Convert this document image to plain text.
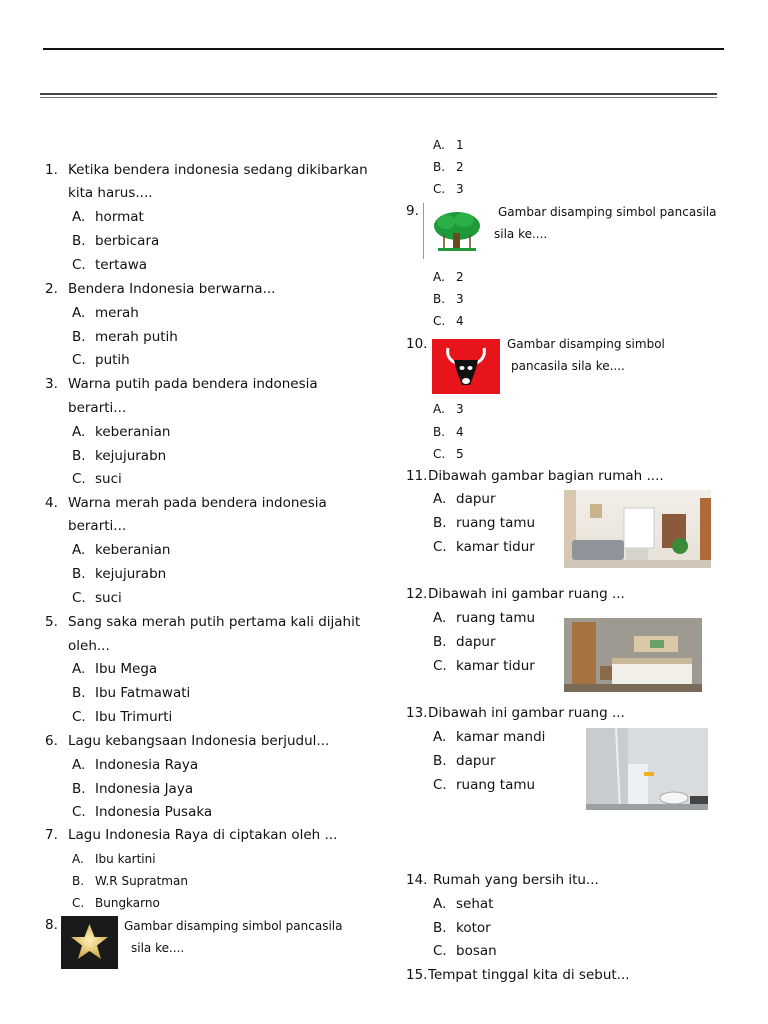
1. Ketika bendera indonesia sedang dikibarkan
kita harus....
A. hormat
B. berbicara
C. tertawa
2. Bendera Indonesia berwarna...
A. merah
B. merah putih
C. putih
3. Warna putih pada bendera indonesia
berarti...
A. keberanian
B. kejujurabn
C. suci
4. Warna merah pada bendera indonesia
berarti...
A. keberanian
B. kejujurabn
C. suci
5. Sang saka merah putih pertama kali dijahit
oleh...
A. Ibu Mega
B. Ibu Fatmawati
C. Ibu Trimurti
6. Lagu kebangsaan Indonesia berjudul...
A. Indonesia Raya
B. Indonesia Jaya
C. Indonesia Pusaka
7. Lagu Indonesia Raya di ciptakan oleh ...
A. Ibu kartini
B. W.R Supratman
C. Bungkarno
8.	Gambar disamping simbol pancasila
sila ke....
A. 1
B. 2
C. 3
9.	Gambar disamping simbol pancasila
sila ke....
A. 2
B. 3
C. 4
10.	Gambar disamping simbol
pancasila sila ke....
A. 3
B. 4
C. 5
11. Dibawah gambar bagian rumah ....
A. dapur
B. ruang tamu
C. kamar tidur
12. Dibawah ini gambar ruang ...
A. ruang tamu
B. dapur
C. kamar tidur
13. Dibawah ini gambar ruang ...
A. kamar mandi
B. dapur
C. ruang tamu
14. Rumah yang bersih itu...
A. sehat
B. kotor
C. bosan
15. Tempat tinggal kita di sebut...
